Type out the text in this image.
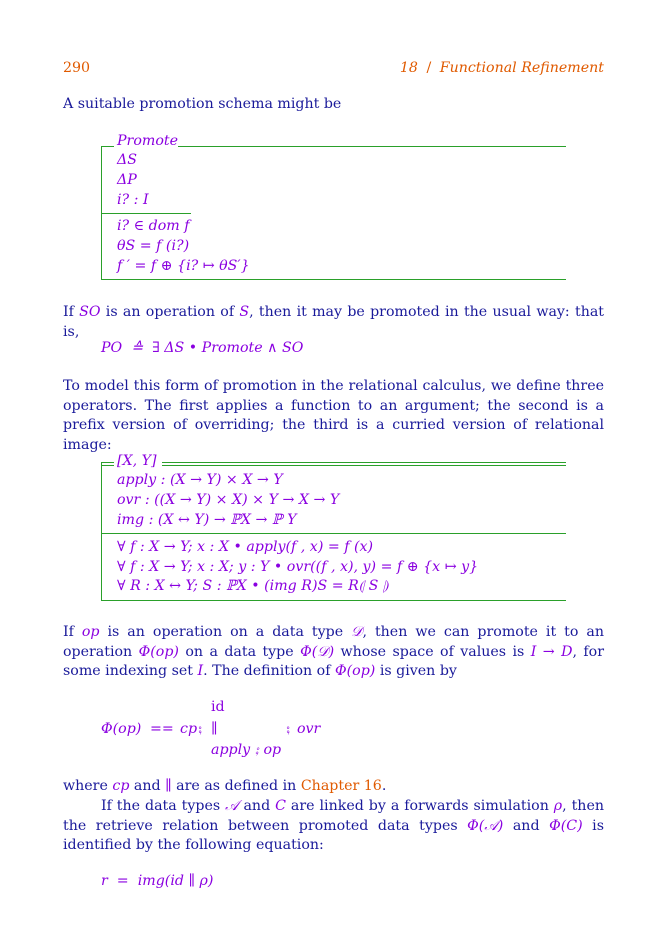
290	18 / Functional Refinement
A suitable promotion schema might be
Promote
ΔS
ΔP
i? : I
i? ∈ dom f
θS = f (i?)
f ′ = f ⊕ {i? ↦ θS′}
If SO is an operation of S, then it may be promoted in the usual way: that is,
PO  ≙  ∃ ΔS • Promote ∧ SO
To model this form of promotion in the relational calculus, we define three operators. The first applies a function to an argument; the second is a prefix version of overriding; the third is a curried version of relational image:
[X, Y]
apply : (X → Y) × X → Y
ovr : ((X → Y) × X) × Y → X → Y
img : (X ↔ Y) → ℙX → ℙ Y
∀ f : X → Y; x : X • apply(f , x) = f (x)
∀ f : X → Y; x : X; y : Y • ovr((f , x), y) = f ⊕ {x ↦ y}
∀ R : X ↔ Y; S : ℙX • (img R)S = R⦇ S ⦈
If op is an operation on a data type 𝒟, then we can promote it to an operation Φ(op) on a data type Φ(𝒟) whose space of values is I → D, for some indexing set I. The definition of Φ(op) is given by
Φ(op) == cp ⨟ ∥
id
apply ⨟ op
⨟ ovr
where cp and ∥ are as defined in Chapter 16.
If the data types 𝒜 and C are linked by a forwards simulation ρ, then the retrieve relation between promoted data types Φ(𝒜) and Φ(C) is identified by the following equation:
r  =  img(id ∥ ρ)
